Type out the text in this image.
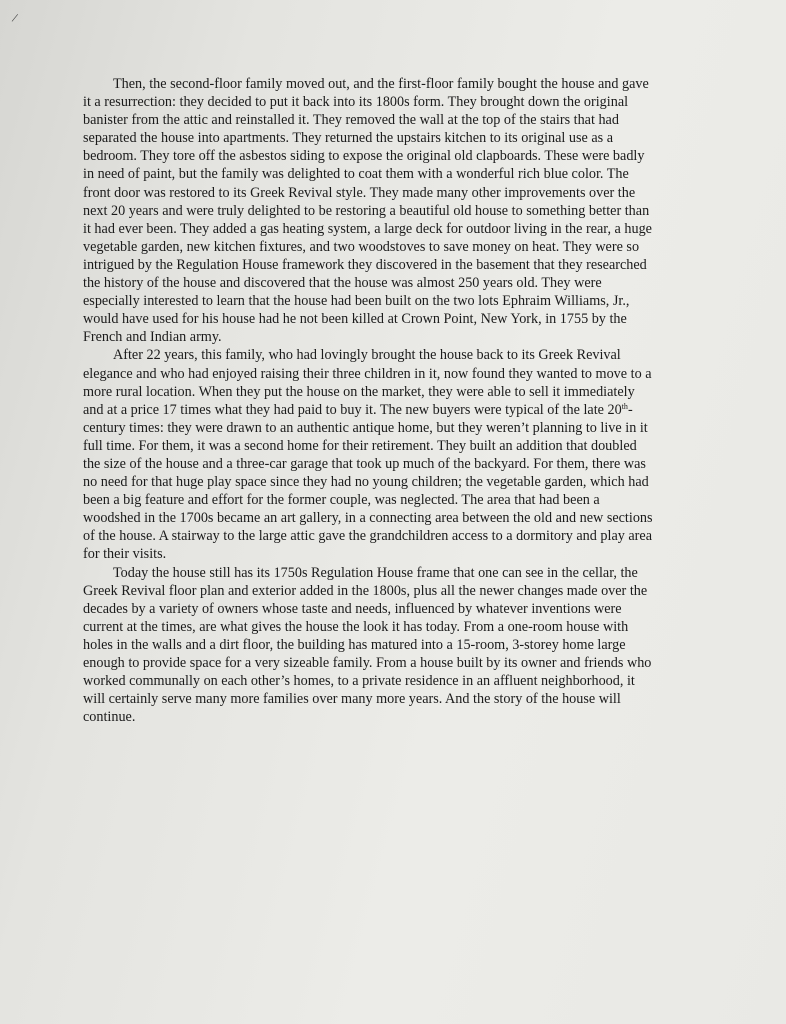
/
Then, the second-floor family moved out, and the first-floor family bought the house and gave
it a resurrection: they decided to put it back into its 1800s form. They brought down the original
banister from the attic and reinstalled it. They removed the wall at the top of the stairs that had
separated the house into apartments. They returned the upstairs kitchen to its original use as a
bedroom. They tore off the asbestos siding to expose the original old clapboards. These were badly
in need of paint, but the family was delighted to coat them with a wonderful rich blue color. The
front door was restored to its Greek Revival style. They made many other improvements over the
next 20 years and were truly delighted to be restoring a beautiful old house to something better than
it had ever been. They added a gas heating system, a large deck for outdoor living in the rear, a huge
vegetable garden, new kitchen fixtures, and two woodstoves to save money on heat. They were so
intrigued by the Regulation House framework they discovered in the basement that they researched
the history of the house and discovered that the house was almost 250 years old. They were
especially interested to learn that the house had been built on the two lots Ephraim Williams, Jr.,
would have used for his house had he not been killed at Crown Point, New York, in 1755 by the
French and Indian army.
After 22 years, this family, who had lovingly brought the house back to its Greek Revival
elegance and who had enjoyed raising their three children in it, now found they wanted to move to a
more rural location. When they put the house on the market, they were able to sell it immediately
and at a price 17 times what they had paid to buy it. The new buyers were typical of the late 20th-
century times: they were drawn to an authentic antique home, but they weren’t planning to live in it
full time. For them, it was a second home for their retirement. They built an addition that doubled
the size of the house and a three-car garage that took up much of the backyard. For them, there was
no need for that huge play space since they had no young children; the vegetable garden, which had
been a big feature and effort for the former couple, was neglected. The area that had been a
woodshed in the 1700s became an art gallery, in a connecting area between the old and new sections
of the house. A stairway to the large attic gave the grandchildren access to a dormitory and play area
for their visits.
Today the house still has its 1750s Regulation House frame that one can see in the cellar, the
Greek Revival floor plan and exterior added in the 1800s, plus all the newer changes made over the
decades by a variety of owners whose taste and needs, influenced by whatever inventions were
current at the times, are what gives the house the look it has today. From a one-room house with
holes in the walls and a dirt floor, the building has matured into a 15-room, 3-storey home large
enough to provide space for a very sizeable family. From a house built by its owner and friends who
worked communally on each other’s homes, to a private residence in an affluent neighborhood, it
will certainly serve many more families over many more years. And the story of the house will
continue.
